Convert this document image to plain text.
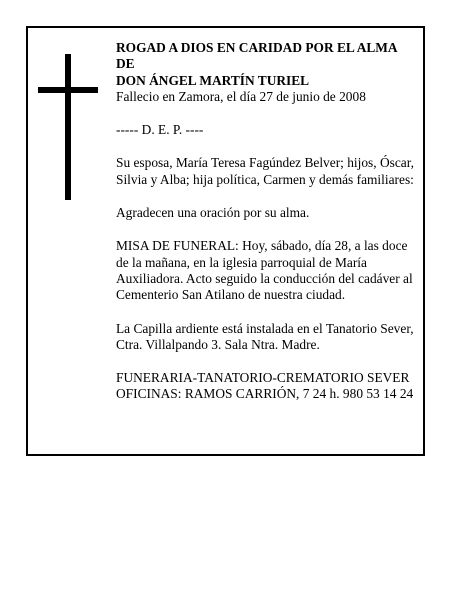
ROGAD A DIOS EN CARIDAD POR EL ALMA
DE
DON ÁNGEL MARTÍN TURIEL
Fallecio en Zamora, el día 27 de junio de 2008
----- D. E. P. ----
Su esposa, María Teresa Fagúndez Belver; hijos, Óscar,
Silvia y Alba; hija política, Carmen y demás familiares:
Agradecen una oración por su alma.
MISA DE FUNERAL: Hoy, sábado, día 28, a las doce
de la mañana, en la iglesia parroquial de María
Auxiliadora. Acto seguido la conducción del cadáver al
Cementerio San Atilano de nuestra ciudad.
La Capilla ardiente está instalada en el Tanatorio Sever,
Ctra. Villalpando 3. Sala Ntra. Madre.
FUNERARIA-TANATORIO-CREMATORIO SEVER
OFICINAS: RAMOS CARRIÓN, 7 24 h. 980 53 14 24
